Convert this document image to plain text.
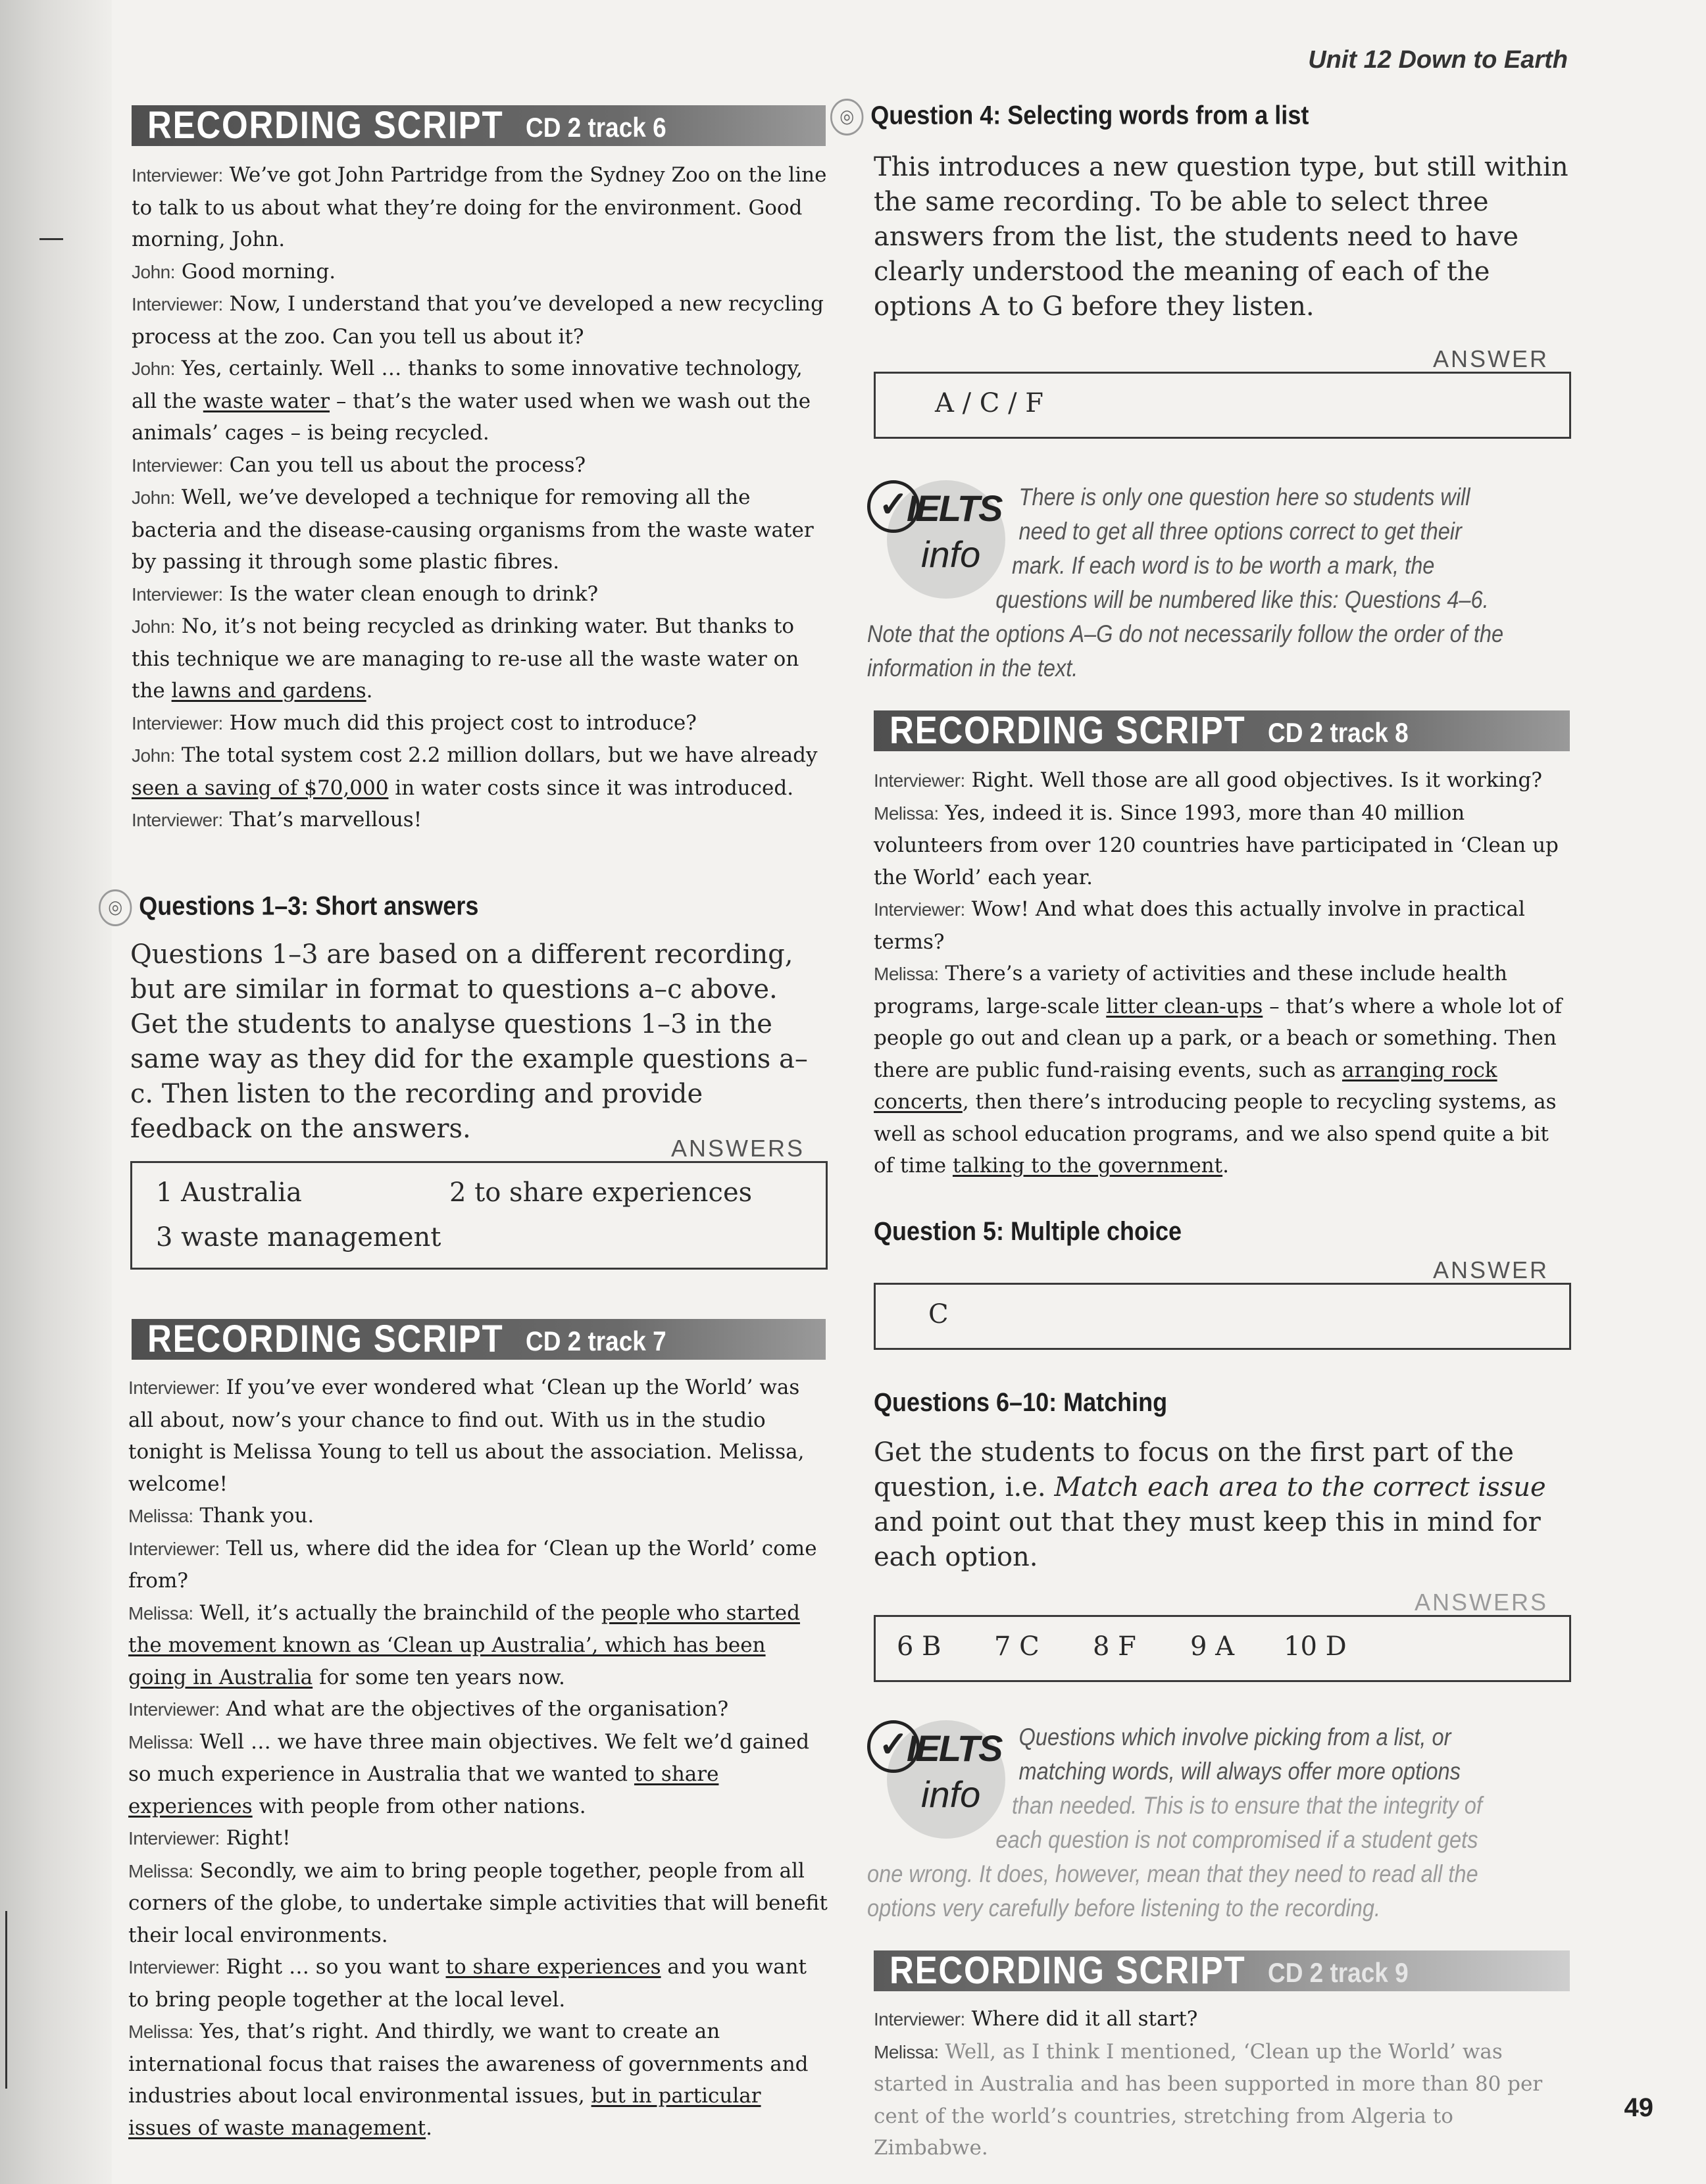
Unit 12 Down to Earth
RECORDING SCRIPT CD 2 track 6

Interviewer: We’ve got John Partridge from the Sydney Zoo on the line to talk to us about what they’re doing for the environment. Good morning, John.

John: Good morning.

Interviewer: Now, I understand that you’ve developed a new recycling process at the zoo. Can you tell us about it?

John: Yes, certainly. Well … thanks to some innovative technology, all the waste water – that’s the water used when we wash out the animals’ cages – is being recycled.

Interviewer: Can you tell us about the process?

John: Well, we’ve developed a technique for removing all the bacteria and the disease-causing organisms from the waste water by passing it through some plastic fibres.

Interviewer: Is the water clean enough to drink?

John: No, it’s not being recycled as drinking water. But thanks to this technique we are managing to re-use all the waste water on the lawns and gardens.

Interviewer: How much did this project cost to introduce?

John: The total system cost 2.2 million dollars, but we have already seen a saving of $70,000 in water costs since it was introduced.

Interviewer: That’s marvellous!

◎ Questions 1–3: Short answers

Questions 1–3 are based on a different recording, but are similar in format to questions a–c above. Get the students to analyse questions 1–3 in the same way as they did for the example questions a–c. Then listen to the recording and provide feedback on the answers.

ANSWERS
1 Australia	2 to share experiences
3 waste management
RECORDING SCRIPT CD 2 track 7

Interviewer: If you’ve ever wondered what ‘Clean up the World’ was all about, now’s your chance to find out. With us in the studio tonight is Melissa Young to tell us about the association. Melissa, welcome!

Melissa: Thank you.

Interviewer: Tell us, where did the idea for ‘Clean up the World’ come from?

Melissa: Well, it’s actually the brainchild of the people who started the movement known as ‘Clean up Australia’, which has been going in Australia for some ten years now.

Interviewer: And what are the objectives of the organisation?

Melissa: Well … we have three main objectives. We felt we’d gained so much experience in Australia that we wanted to share experiences with people from other nations.

Interviewer: Right!

Melissa: Secondly, we aim to bring people together, people from all corners of the globe, to undertake simple activities that will benefit their local environments.

Interviewer: Right … so you want to share experiences and you want to bring people together at the local level.

Melissa: Yes, that’s right. And thirdly, we want to create an international focus that raises the awareness of governments and industries about local environmental issues, but in particular issues of waste management.

◎ Question 4: Selecting words from a list

This introduces a new question type, but still within the same recording. To be able to select three answers from the list, the students need to have clearly understood the meaning of each of the options A to G before they listen.

ANSWER
A / C / F
✓
IELTS
info

There is only one question here so students will

need to get all three options correct to get their

mark. If each word is to be worth a mark, the

questions will be numbered like this: Questions 4–6.

Note that the options A–G do not necessarily follow the order of the

information in the text.

RECORDING SCRIPT CD 2 track 8

Interviewer: Right. Well those are all good objectives. Is it working?

Melissa: Yes, indeed it is. Since 1993, more than 40 million volunteers from over 120 countries have participated in ‘Clean up the World’ each year.

Interviewer: Wow! And what does this actually involve in practical terms?

Melissa: There’s a variety of activities and these include health programs, large-scale litter clean-ups – that’s where a whole lot of people go out and clean up a park, or a beach or something. Then there are public fund-raising events, such as arranging rock concerts, then there’s introducing people to recycling systems, as well as school education programs, and we also spend quite a bit of time talking to the government.

Question 5: Multiple choice
ANSWER
C
Questions 6–10: Matching

Get the students to focus on the first part of the question, i.e. Match each area to the correct issue and point out that they must keep this in mind for each option.

ANSWERS
6 B 7 C 8 F 9 A 10 D
✓
IELTS
info

Questions which involve picking from a list, or

matching words, will always offer more options

than needed. This is to ensure that the integrity of

each question is not compromised if a student gets

one wrong. It does, however, mean that they need to read all the

options very carefully before listening to the recording.

RECORDING SCRIPT CD 2 track 9

Interviewer: Where did it all start?

Melissa: Well, as I think I mentioned, ‘Clean up the World’ was started in Australia and has been supported in more than 80 per cent of the world’s countries, stretching from Algeria to Zimbabwe.

49
